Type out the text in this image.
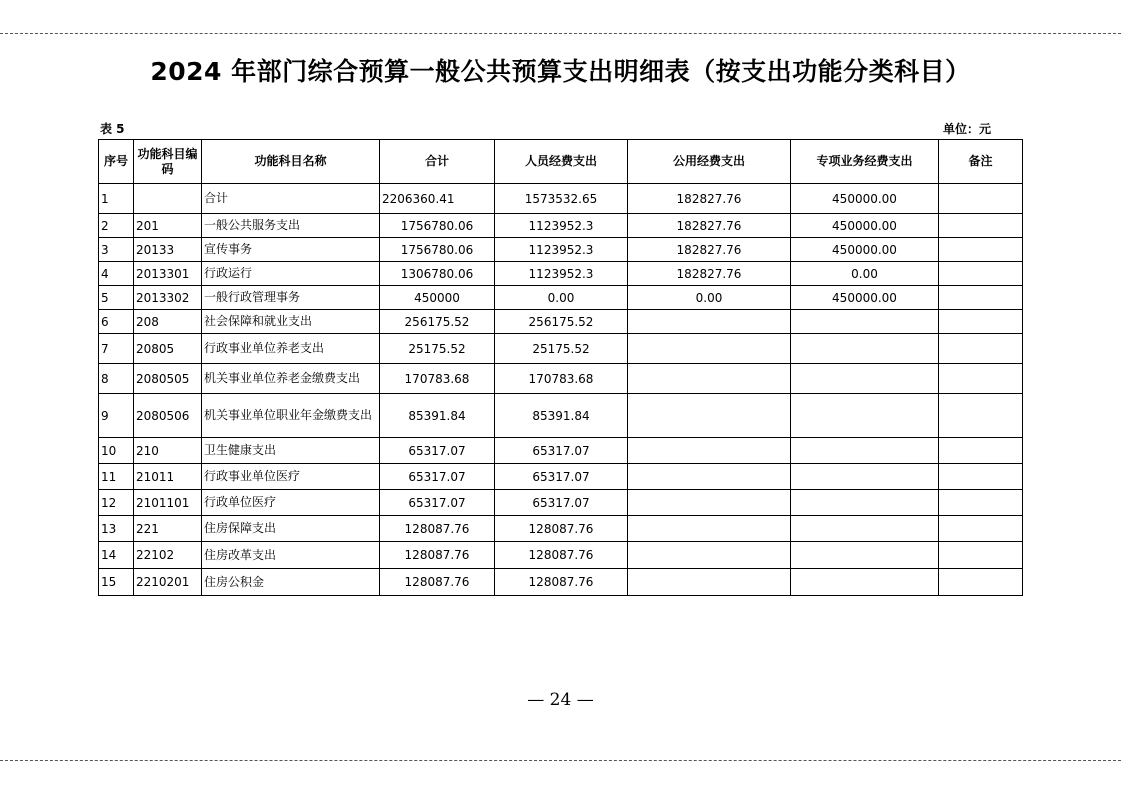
2024 年部门综合预算一般公共预算支出明细表（按支出功能分类科目）
表 5	单位：元
序号	功能科目编码	功能科目名称	合计	人员经费支出	公用经费支出	专项业务经费支出	备注
1		合计	2206360.41	1573532.65	182827.76	450000.00	
2	201	一般公共服务支出	1756780.06	1123952.3	182827.76	450000.00	
3	20133	宣传事务	1756780.06	1123952.3	182827.76	450000.00	
4	2013301	行政运行	1306780.06	1123952.3	182827.76	0.00	
5	2013302	一般行政管理事务	450000	0.00	0.00	450000.00	
6	208	社会保障和就业支出	256175.52	256175.52			
7	20805	行政事业单位养老支出	25175.52	25175.52			
8	2080505	机关事业单位养老金缴费支出	170783.68	170783.68			
9	2080506	机关事业单位职业年金缴费支出	85391.84	85391.84			
10	210	卫生健康支出	65317.07	65317.07			
11	21011	行政事业单位医疗	65317.07	65317.07			
12	2101101	行政单位医疗	65317.07	65317.07			
13	221	住房保障支出	128087.76	128087.76			
14	22102	住房改革支出	128087.76	128087.76			
15	2210201	住房公积金	128087.76	128087.76			
— 24 —
